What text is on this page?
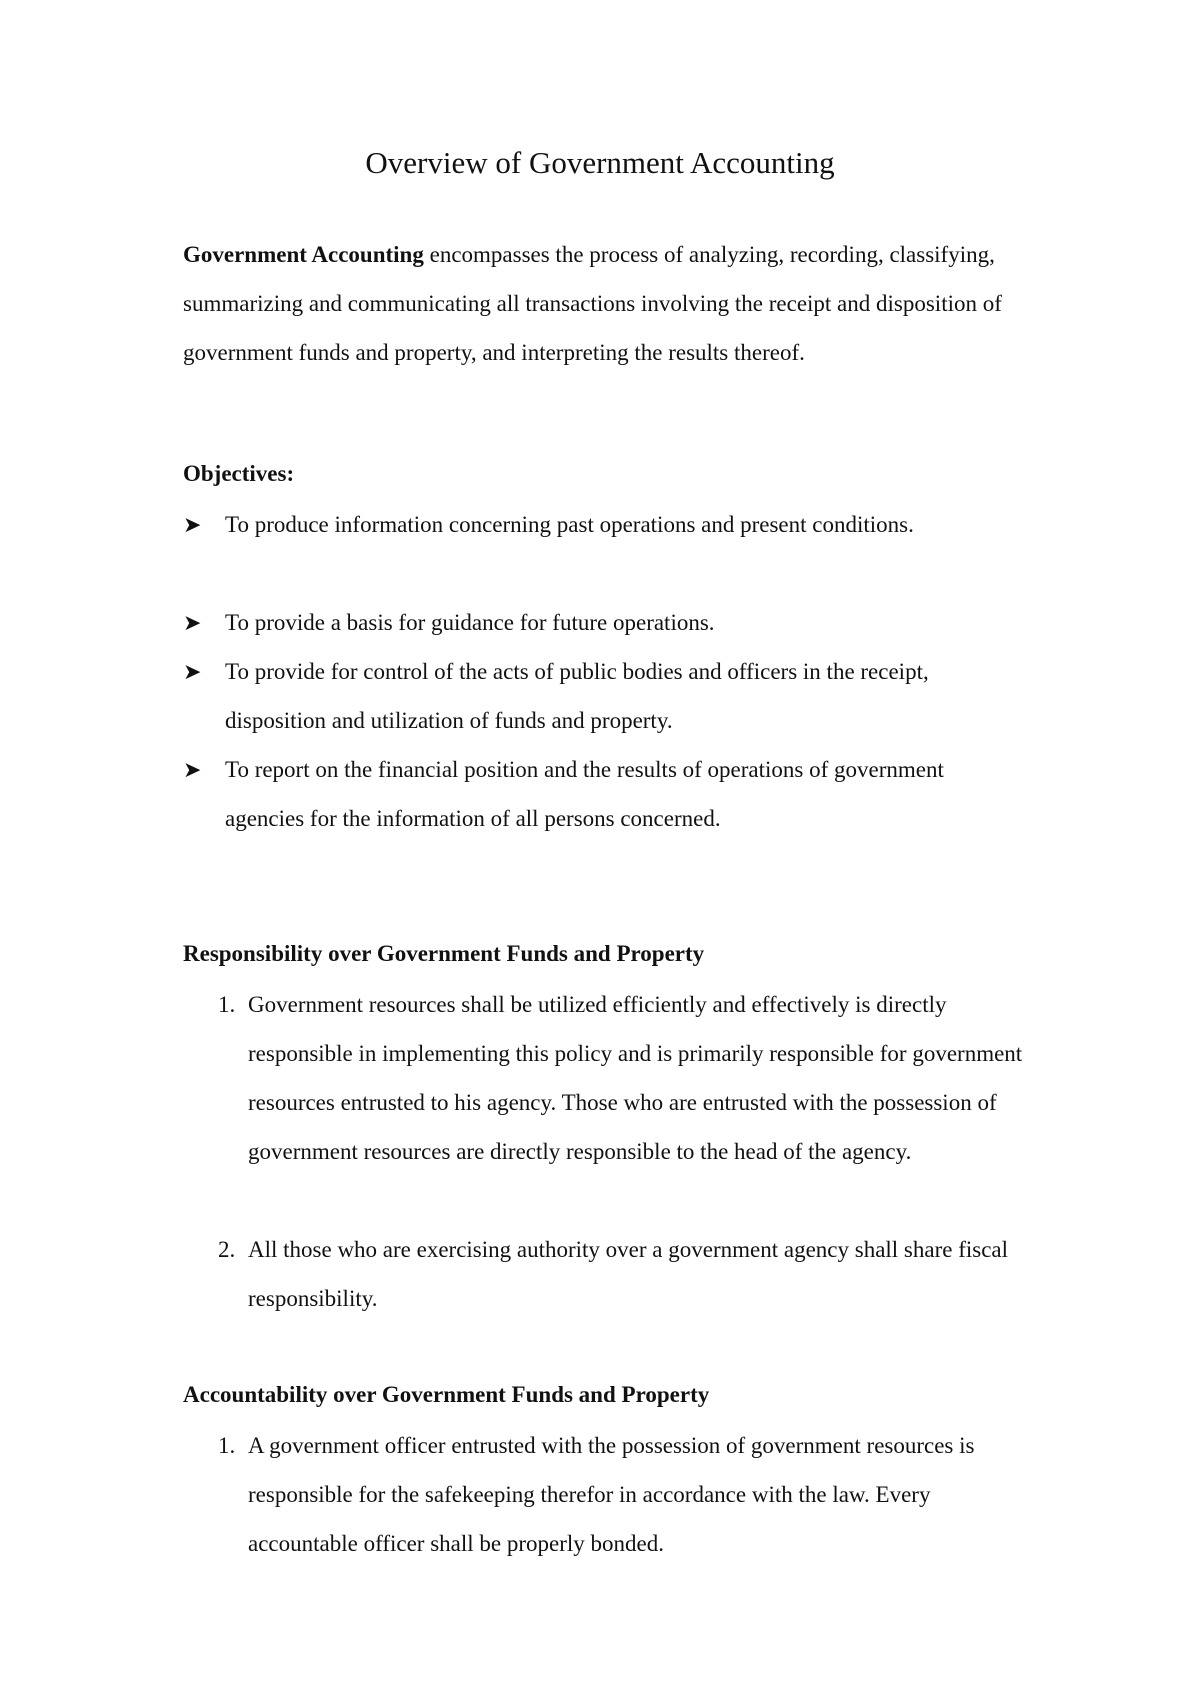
Overview of Government Accounting

Government Accounting encompasses the process of analyzing, recording, classifying, summarizing and communicating all transactions involving the receipt and disposition of government funds and property, and interpreting the results thereof.

Objectives:
➤	To produce information concerning past operations and present conditions.
➤	To provide a basis for guidance for future operations.
➤	To provide for control of the acts of public bodies and officers in the receipt, disposition and utilization of funds and property.
➤	To report on the financial position and the results of operations of government agencies for the information of all persons concerned.
Responsibility over Government Funds and Property
1. Government resources shall be utilized efficiently and effectively is directly responsible in implementing this policy and is primarily responsible for government resources entrusted to his agency. Those who are entrusted with the possession of government resources are directly responsible to the head of the agency.
2. All those who are exercising authority over a government agency shall share fiscal responsibility.
Accountability over Government Funds and Property
1. A government officer entrusted with the possession of government resources is responsible for the safekeeping therefor in accordance with the law. Every accountable officer shall be properly bonded.
